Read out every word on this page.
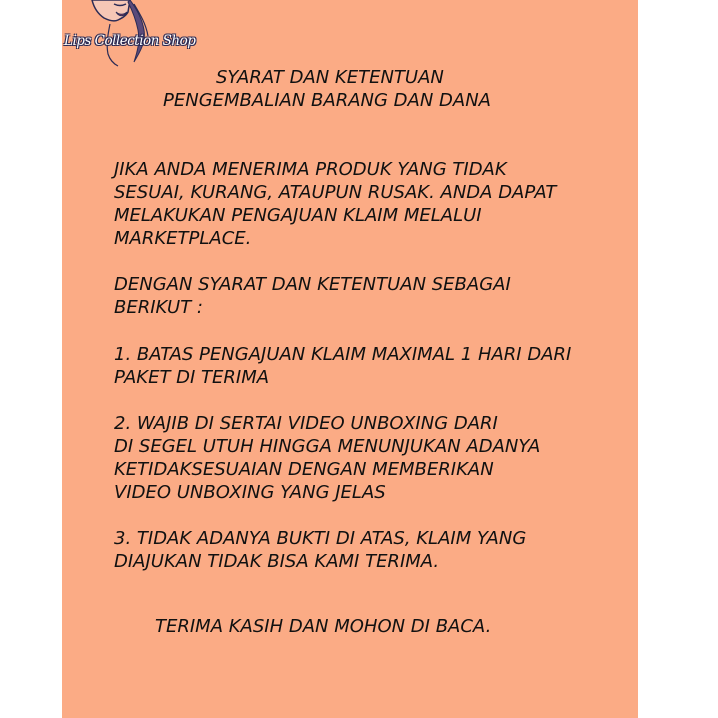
Lips Collection Shop
SYARAT DAN KETENTUAN
PENGEMBALIAN BARANG DAN DANA

JIKA ANDA MENERIMA PRODUK YANG TIDAK
SESUAI, KURANG, ATAUPUN RUSAK. ANDA DAPAT
MELAKUKAN PENGAJUAN KLAIM MELALUI
MARKETPLACE.

DENGAN SYARAT DAN KETENTUAN SEBAGAI
BERIKUT :

1. BATAS PENGAJUAN KLAIM MAXIMAL 1 HARI DARI
PAKET DI TERIMA

2. WAJIB DI SERTAI VIDEO UNBOXING DARI
DI SEGEL UTUH HINGGA MENUNJUKAN ADANYA
KETIDAKSESUAIAN DENGAN MEMBERIKAN
VIDEO UNBOXING YANG JELAS

3. TIDAK ADANYA BUKTI DI ATAS, KLAIM YANG
DIAJUKAN TIDAK BISA KAMI TERIMA.

TERIMA KASIH DAN MOHON DI BACA.
